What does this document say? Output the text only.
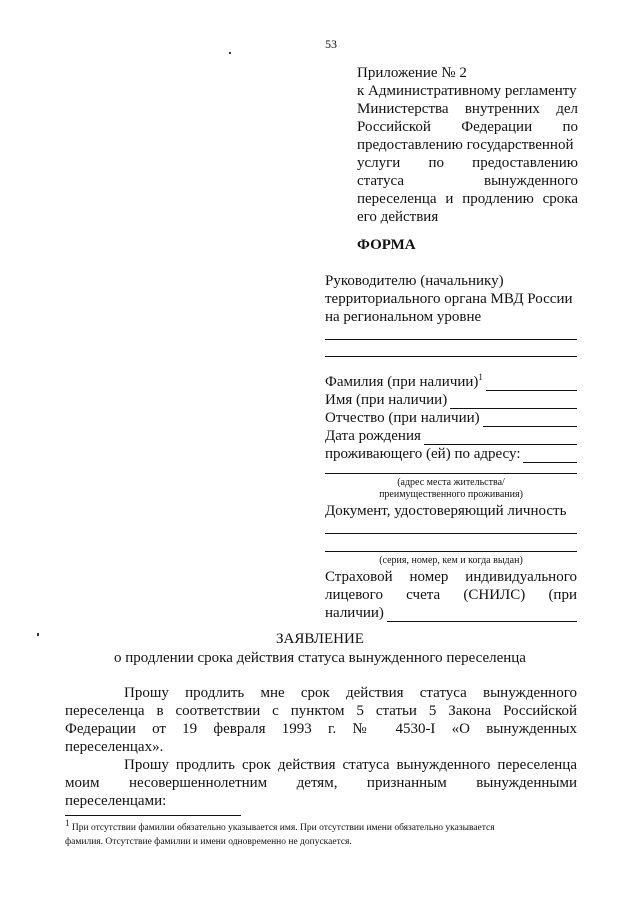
53
Приложение № 2
к Административному регламенту
Министерства внутренних дел
Российской Федерации по
предоставлению государственной
услуги по предоставлению
статуса вынужденного
переселенца и продлению срока
его действия
ФОРМА
Руководителю (начальнику)
территориального органа МВД России
на региональном уровне
Фамилия (при наличии)$^1$
Имя (при наличии)
Отчество (при наличии)
Дата рождения
проживающего (ей) по адресу:
(адрес места жительства/
преимущественного проживания)
Документ, удостоверяющий личность
(серия, номер, кем и когда выдан)
Страховой номер индивидуального
лицевого счета (СНИЛС) (при
наличии)
ЗАЯВЛЕНИЕ
о продлении срока действия статуса вынужденного переселенца
Прошу продлить мне срок действия статуса вынужденного
переселенца в соответствии с пунктом 5 статьи 5 Закона Российской
Федерации от 19 февраля 1993 г. № 4530-I «О вынужденных
переселенцах».
Прошу продлить срок действия статуса вынужденного переселенца
моим несовершеннолетним детям, признанным вынужденными
переселенцами:
$^1$ При отсутствии фамилии обязательно указывается имя. При отсутствии имени обязательно указывается
фамилия. Отсутствие фамилии и имени одновременно не допускается.
